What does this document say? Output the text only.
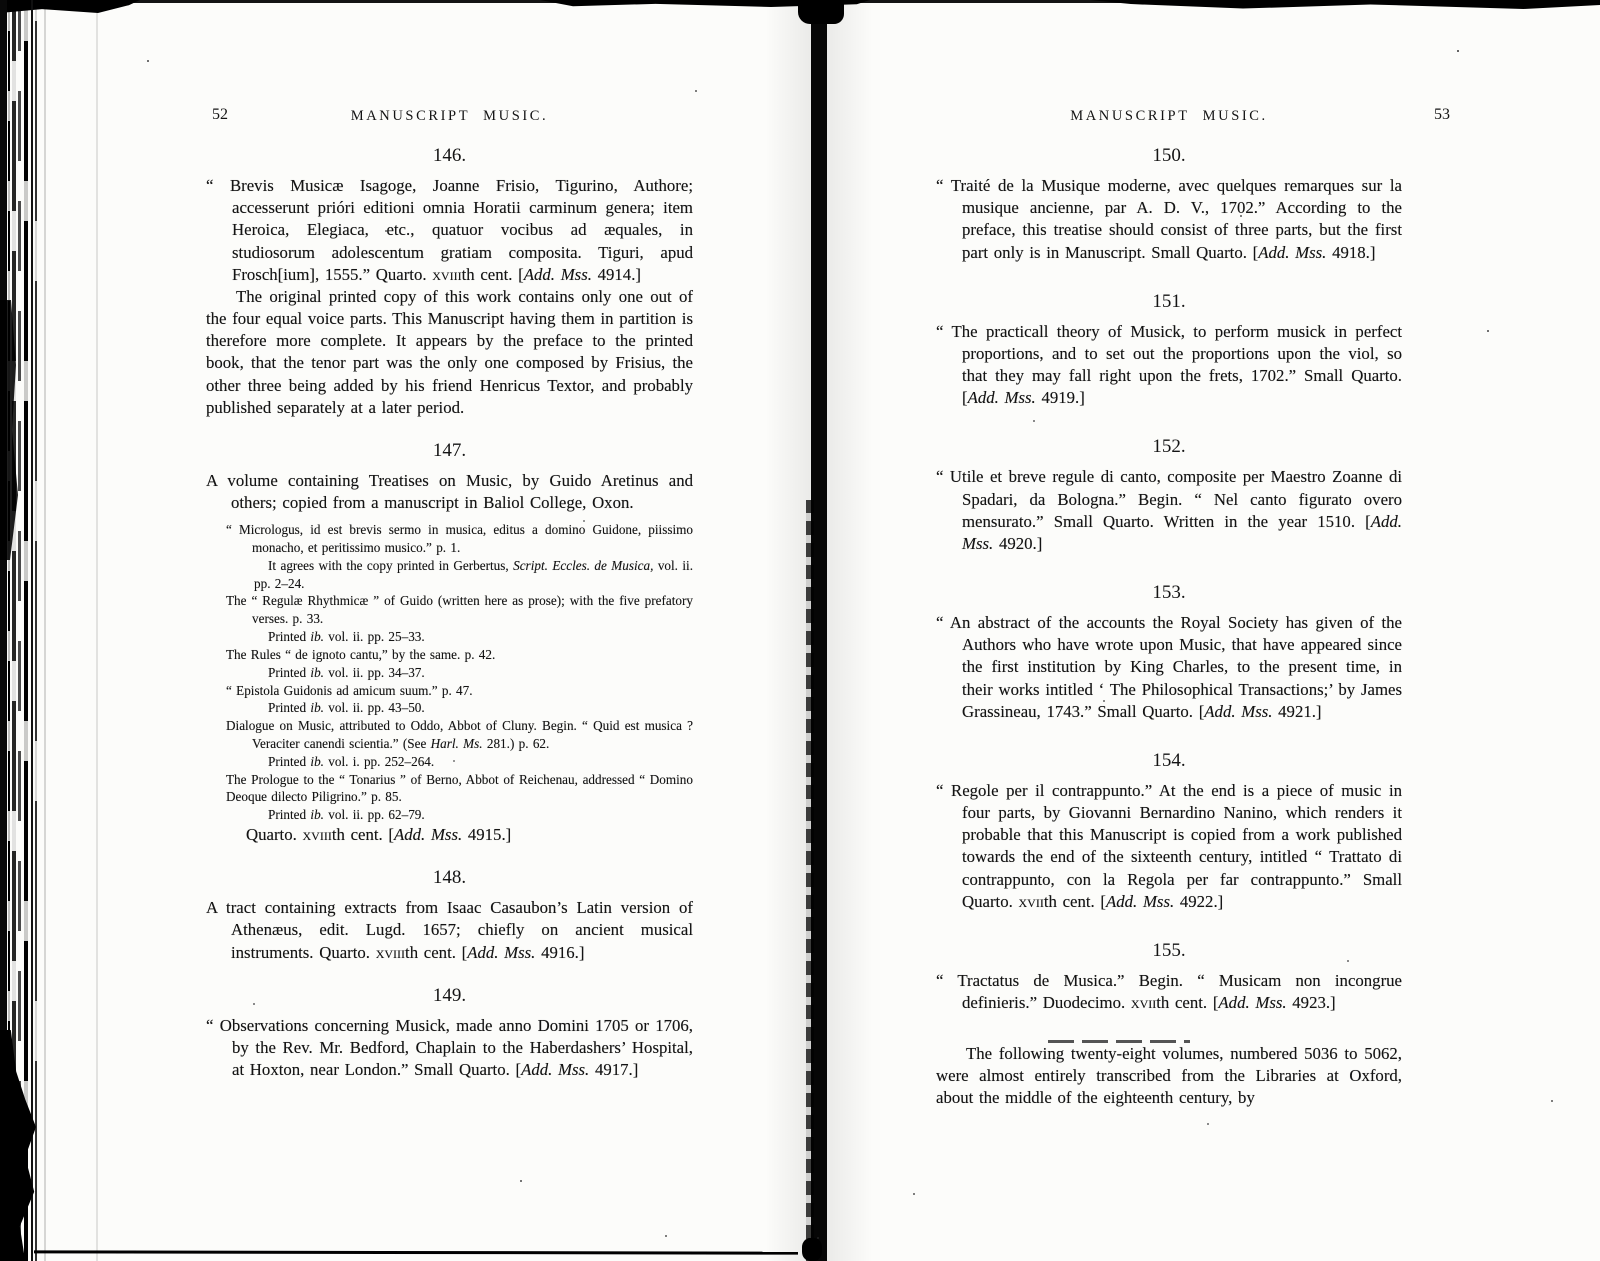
52	MANUSCRIPT MUSIC.
146.

“ Brevis Musicæ Isagoge, Joanne Frisio, Tigurino, Authore; accesserunt prióri editioni omnia Horatii carminum genera; item Heroica, Elegiaca, etc., quatuor vocibus ad æquales, in studiosorum adolescentum gratiam composita. Tiguri, apud Frosch[ium], 1555.” Quarto. xviiith cent. [Add. Mss. 4914.]

The original printed copy of this work contains only one out of the four equal voice parts. This Manuscript having them in partition is therefore more complete. It appears by the preface to the printed book, that the tenor part was the only one composed by Frisius, the other three being added by his friend Henricus Textor, and probably published separately at a later period.

147.

A volume containing Treatises on Music, by Guido Aretinus and others; copied from a manuscript in Baliol College, Oxon.

“ Micrologus, id est brevis sermo in musica, editus a domino Guidone, piissimo monacho, et peritissimo musico.” p. 1.

It agrees with the copy printed in Gerbertus, Script. Eccles. de Musica, vol. ii. pp. 2–24.

The “ Regulæ Rhythmicæ ” of Guido (written here as prose); with the five prefatory verses. p. 33.

Printed ib. vol. ii. pp. 25–33.

The Rules “ de ignoto cantu,” by the same. p. 42.

Printed ib. vol. ii. pp. 34–37.

“ Epistola Guidonis ad amicum suum.” p. 47.

Printed ib. vol. ii. pp. 43–50.

Dialogue on Music, attributed to Oddo, Abbot of Cluny. Begin. “ Quid est musica ? Veraciter canendi scientia.” (See Harl. Ms. 281.) p. 62.

Printed ib. vol. i. pp. 252–264.

The Prologue to the “ Tonarius ” of Berno, Abbot of Reichenau, addressed “ Domino Deoque dilecto Piligrino.” p. 85.

Printed ib. vol. ii. pp. 62–79.

Quarto. xviiith cent. [Add. Mss. 4915.]

148.

A tract containing extracts from Isaac Casaubon’s Latin version of Athenæus, edit. Lugd. 1657; chiefly on ancient musical instruments. Quarto. xviiith cent. [Add. Mss. 4916.]

149.

“ Observations concerning Musick, made anno Domini 1705 or 1706, by the Rev. Mr. Bedford, Chaplain to the Haberdashers’ Hospital, at Hoxton, near London.” Small Quarto. [Add. Mss. 4917.]

MANUSCRIPT MUSIC.	53
150.

“ Traité de la Musique moderne, avec quelques remarques sur la musique ancienne, par A. D. V., 1702.” According to the preface, this treatise should consist of three parts, but the first part only is in Manuscript. Small Quarto. [Add. Mss. 4918.]

151.

“ The practicall theory of Musick, to perform musick in perfect proportions, and to set out the proportions upon the viol, so that they may fall right upon the frets, 1702.” Small Quarto. [Add. Mss. 4919.]

152.

“ Utile et breve regule di canto, composite per Maestro Zoanne di Spadari, da Bologna.” Begin. “ Nel canto figurato overo mensurato.” Small Quarto. Written in the year 1510. [Add. Mss. 4920.]

153.

“ An abstract of the accounts the Royal Society has given of the Authors who have wrote upon Music, that have appeared since the first institution by King Charles, to the present time, in their works intitled ‘ The Philosophical Transactions;’ by James Grassineau, 1743.” Small Quarto. [Add. Mss. 4921.]

154.

“ Regole per il contrappunto.” At the end is a piece of music in four parts, by Giovanni Bernardino Nanino, which renders it probable that this Manuscript is copied from a work published towards the end of the sixteenth century, intitled “ Trattato di contrappunto, con la Regola per far contrappunto.” Small Quarto. xviith cent. [Add. Mss. 4922.]

155.

“ Tractatus de Musica.” Begin. “ Musicam non incongrue definieris.” Duodecimo. xviith cent. [Add. Mss. 4923.]

The following twenty-eight volumes, numbered 5036 to 5062, were almost entirely transcribed from the Libraries at Oxford, about the middle of the eighteenth century, by
